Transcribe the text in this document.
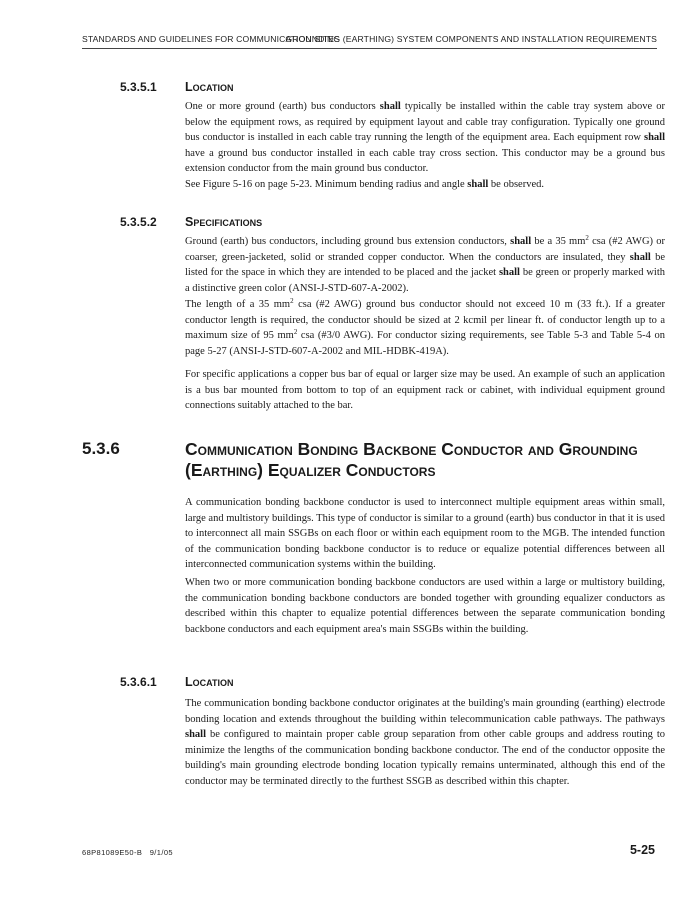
STANDARDS AND GUIDELINES FOR COMMUNICATION SITES
GROUNDING (EARTHING) SYSTEM COMPONENTS AND INSTALLATION REQUIREMENTS
5.3.5.1 Location

One or more ground (earth) bus conductors shall typically be installed within the cable tray system above or below the equipment rows, as required by equipment layout and cable tray configuration. Typically one ground bus conductor is installed in each cable tray running the length of the equipment area. Each equipment row shall have a ground bus conductor installed in each cable tray cross section. This conductor may be a ground bus extension conductor from the main ground bus conductor.
See Figure 5-16 on page 5-23. Minimum bending radius and angle shall be observed.

5.3.5.2 Specifications

Ground (earth) bus conductors, including ground bus extension conductors, shall be a 35 $mm^2$ csa (#2 AWG) or coarser, green-jacketed, solid or stranded copper conductor. When the conductors are insulated, they shall be listed for the space in which they are intended to be placed and the jacket shall be green or properly marked with a distinctive green color (ANSI-J-STD-607-A-2002).

The length of a 35 $mm^2$ csa (#2 AWG) ground bus conductor should not exceed 10 m (33 ft.). If a greater conductor length is required, the conductor should be sized at 2 kcmil per linear ft. of conductor length up to a maximum size of 95 $mm^2$ csa (#3/0 AWG). For conductor sizing requirements, see Table 5-3 and Table 5-4 on page 5-27 (ANSI-J-STD-607-A-2002 and MIL-HDBK-419A).

For specific applications a copper bus bar of equal or larger size may be used. An example of such an application is a bus bar mounted from bottom to top of an equipment rack or cabinet, with individual equipment ground connections suitably attached to the bar.

5.3.6	Communication Bonding Backbone Conductor and Grounding (Earthing) Equalizer Conductors

A communication bonding backbone conductor is used to interconnect multiple equipment areas within small, large and multistory buildings. This type of conductor is similar to a ground (earth) bus conductor in that it is used to interconnect all main SSGBs on each floor or within each equipment room to the MGB. The intended function of the communication bonding backbone conductor is to reduce or equalize potential differences between all interconnected communication systems within the building.

When two or more communication bonding backbone conductors are used within a large or multistory building, the communication bonding backbone conductors are bonded together with grounding equalizer conductors as described within this chapter to equalize potential differences between the separate communication bonding backbone conductors and each equipment area's main SSGBs within the building.

5.3.6.1 Location

The communication bonding backbone conductor originates at the building's main grounding (earthing) electrode bonding location and extends throughout the building within telecommunication cable pathways. The pathways shall be configured to maintain proper cable group separation from other cable groups and address routing to minimize the lengths of the communication bonding backbone conductor. The end of the conductor opposite the building's main grounding electrode bonding location typically remains unterminated, although this end of the conductor may be terminated directly to the furthest SSGB as described within this chapter.

68P81089E50-B 9/1/05	5-25
